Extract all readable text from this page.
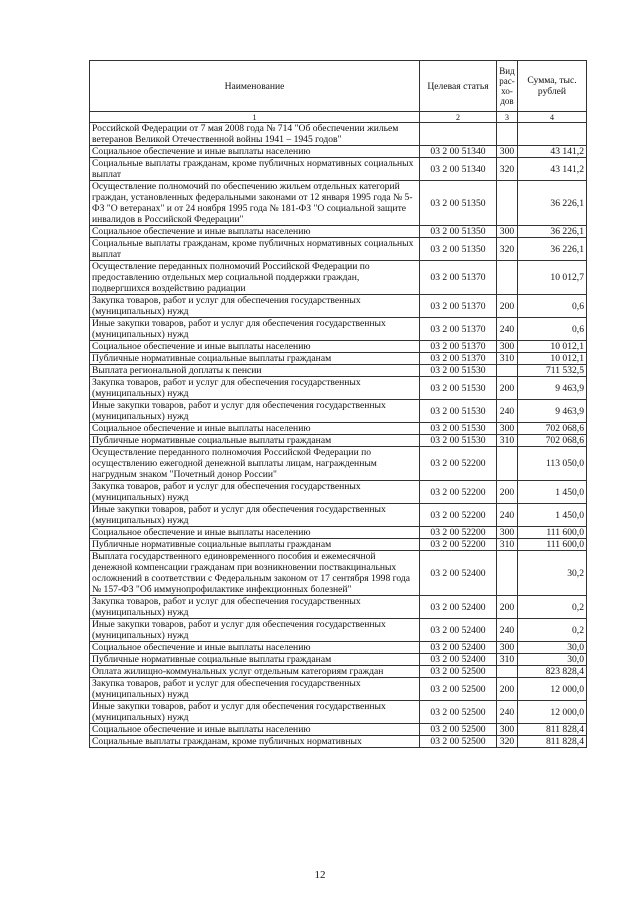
Наименование	Целевая статья	Вид рас-хо-дов	Сумма, тыс. рублей
1	2	3	4
Российской Федерации от 7 мая 2008 года № 714 "Об обеспечении жильем ветеранов Великой Отечественной войны 1941 – 1945 годов"			
Социальное обеспечение и иные выплаты населению	03 2 00 51340	300	43 141,2
Социальные выплаты гражданам, кроме публичных нормативных социальных выплат	03 2 00 51340	320	43 141,2
Осуществление полномочий по обеспечению жильем отдельных категорий граждан, установленных федеральными законами от 12 января 1995 года № 5-ФЗ "О ветеранах" и от 24 ноября 1995 года № 181-ФЗ "О социальной защите инвалидов в Российской Федерации"	03 2 00 51350		36 226,1
Социальное обеспечение и иные выплаты населению	03 2 00 51350	300	36 226,1
Социальные выплаты гражданам, кроме публичных нормативных социальных выплат	03 2 00 51350	320	36 226,1
Осуществление переданных полномочий Российской Федерации по предоставлению отдельных мер социальной поддержки граждан, подвергшихся воздействию радиации	03 2 00 51370		10 012,7
Закупка товаров, работ и услуг для обеспечения государственных (муниципальных) нужд	03 2 00 51370	200	0,6
Иные закупки товаров, работ и услуг для обеспечения государственных (муниципальных) нужд	03 2 00 51370	240	0,6
Социальное обеспечение и иные выплаты населению	03 2 00 51370	300	10 012,1
Публичные нормативные социальные выплаты гражданам	03 2 00 51370	310	10 012,1
Выплата региональной доплаты к пенсии	03 2 00 51530		711 532,5
Закупка товаров, работ и услуг для обеспечения государственных (муниципальных) нужд	03 2 00 51530	200	9 463,9
Иные закупки товаров, работ и услуг для обеспечения государственных (муниципальных) нужд	03 2 00 51530	240	9 463,9
Социальное обеспечение и иные выплаты населению	03 2 00 51530	300	702 068,6
Публичные нормативные социальные выплаты гражданам	03 2 00 51530	310	702 068,6
Осуществление переданного полномочия Российской Федерации по осуществлению ежегодной денежной выплаты лицам, награжденным нагрудным знаком "Почетный донор России"	03 2 00 52200		113 050,0
Закупка товаров, работ и услуг для обеспечения государственных (муниципальных) нужд	03 2 00 52200	200	1 450,0
Иные закупки товаров, работ и услуг для обеспечения государственных (муниципальных) нужд	03 2 00 52200	240	1 450,0
Социальное обеспечение и иные выплаты населению	03 2 00 52200	300	111 600,0
Публичные нормативные социальные выплаты гражданам	03 2 00 52200	310	111 600,0
Выплата государственного единовременного пособия и ежемесячной денежной компенсации гражданам при возникновении поствакцинальных осложнений в соответствии с Федеральным законом от 17 сентября 1998 года № 157-ФЗ "Об иммунопрофилактике инфекционных болезней"	03 2 00 52400		30,2
Закупка товаров, работ и услуг для обеспечения государственных (муниципальных) нужд	03 2 00 52400	200	0,2
Иные закупки товаров, работ и услуг для обеспечения государственных (муниципальных) нужд	03 2 00 52400	240	0,2
Социальное обеспечение и иные выплаты населению	03 2 00 52400	300	30,0
Публичные нормативные социальные выплаты гражданам	03 2 00 52400	310	30,0
Оплата жилищно-коммунальных услуг отдельным категориям граждан	03 2 00 52500		823 828,4
Закупка товаров, работ и услуг для обеспечения государственных (муниципальных) нужд	03 2 00 52500	200	12 000,0
Иные закупки товаров, работ и услуг для обеспечения государственных (муниципальных) нужд	03 2 00 52500	240	12 000,0
Социальное обеспечение и иные выплаты населению	03 2 00 52500	300	811 828,4
Социальные выплаты гражданам, кроме публичных нормативных	03 2 00 52500	320	811 828,4
12
